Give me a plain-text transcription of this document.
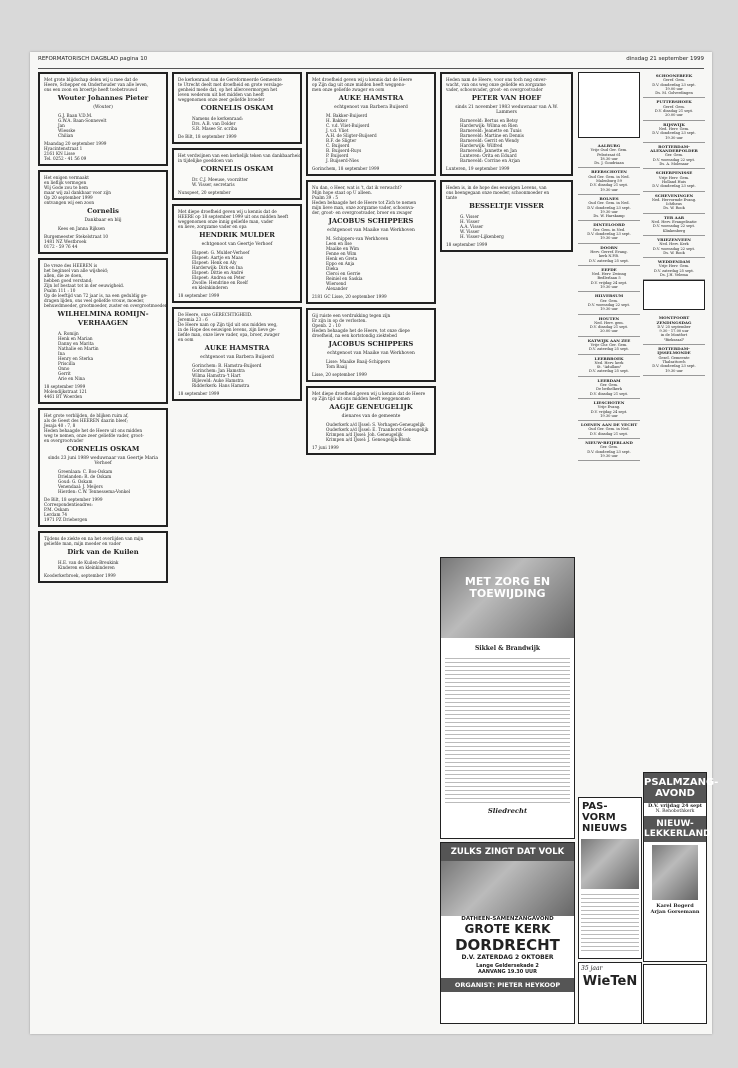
REFORMATORISCH DAGBLAD pagina 10	dinsdag 21 september 1999
Met grote blijdschap delen wij u mee dat de
Heere, Schepper en Onderhouder van alle leven,
ons een zoon en broertje heeft toebetrouwd
Wouter Johannes Pieter
(Wouter)
G.J. Baan V.D.M.
G.W.A. Baan-Sonnevelt
Jan
Wiesske
Chilian
Maandag 20 september 1999
Hyacintenstraat 1
2161 KN Lisse
Tel. 0252 - 41 56 09
Het enigen vermaakt
en lieflijk vermogen
Wij Gode zou te hem
maar wij zal dankbaar voor zijn
Op 20 september 1999
ontvangen wij een zoon
Cornelis
Dankbaar en blij
Kees en Janna Rijksen
Burgemeester Stekelstraat 10
1481 NZ Westbroek
0172 - 59 76 44
De vreze des HEEREN is
het beginsel van alle wijsheid;
allen, die ze doen,
hebben goed verstand;
Zijn lof bestaat tot in der eeuwigheid.
Psalm 111 : 10
Op de leeftijd van 72 jaar is, na een geduldig ge-
dragen lijden, ons veel geliefde vrouw, moeder,
behuwdmoeder, grootmoeder, zuster en overgrootmoeder
WILHELMINA ROMIJN-VERHAAGEN
A. Romijn
Henk en Marian
Danny en Marita
Nathalie en Martin
Ina
Henry en Sterka
Priscilla
Onno
Gerrit
Arie en Nina
18 september 1999
Molendijkstraat 121
4461 BT Woerden
Het grote verblijden, de blijken ruim af,
als de Geest des HEEREN daarin bleef;
Jesaja 40 : 7, 8
Heden behaagde het de Heere uit ons midden
weg te nemen, onze zeer geliefde vader, groot-
en overgrootvader
CORNELIS OSKAM
sinds 23 juni 1989 weduwnaar van Geertje Maria Verhoef
Greenlaan: C. Bos-Oskam
Drielanden: R. de Oskam
Goud: G. Oskam
Venendaal: J. Meijers
Hierden: C.W. Tennessema-Vonkel
De Bilt, 18 september 1999
Correspondentieadres:
P.M. Oskam
Lerdam 74
1971 PZ Driebergen
Tijdens de ziekte en na het overlijden van mijn
geliefde man, mijn moeder en vader
Dirk van de Kuilen
H.E. van de Kuilen-Breukink
Kinderen en kleinkinderen
Kooderkerbroek, september 1999
De kerkenraad van de Gereformeerde Gemeente
te Utrecht deelt met droefheid en grote verslage-
genheid mede dat, op het allerovermorgen het
leven wederom uit het midden van heeft
weggenomen onze zeer geliefde broeder
CORNELIS OSKAM
Namens de kerkenraad:
Drs. A.B. van Dolder
S.R. Masee Sr. scriba
De Bilt, 18 september 1999
Het verdwijnen van een kerkelijk teken van dankbaarheid
in tijdelijke goeddoen van
CORNELIS OSKAM
Dr. C.J. Meeuse, voorzitter
W. Visser, secretaris
Nunspeet, 20 september
Met diepe droefheid geven wij u kennis dat de
HEERE op 18 september 1999 uit ons midden heeft
weggenomen onze innig geliefde man, vader
en lieve, zorgzame vader en opa
HENDRIK MULDER
echtgenoot van Geertje Verhoef
Elspeet: G. Mulder-Verhoef
Elspeet: Aartje en Maas
Elspeet: Henk en Aly
Harderwijk: Dirk en Ina
Elspeet: Dittie en André
Elspeet: Andrea en Peter
Zwolle: Hendrine en Roelf
en kleinkinderen
18 september 1999
De Heere, onze GERECHTIGHEID.
Jeremia 23 : 6
De Heere nam op Zijn tijd uit ons midden weg,
in de Hope des eeuwigen levens, zijn lieve ge-
liefde man, onze lieve vader, opa, broer, zwager
en oom
AUKE HAMSTRA
echtgenoot van Barbera Buijserd
Gorinchem: B. Hamstra-Buijserd
Gorinchem: Jan Hamstra
Wilma Hamstra-'t Hart
Bijleveld: Auke Hamstra
Ridderkerk: Hans Hamstra
18 september 1999
Met droefheid geven wij u kennis dat de Heere
op Zijn dag uit onze midden heeft weggeno-
men onze geliefde zwager en oom
AUKE HAMSTRA
echtgenoot van Barbera Buijserd
M. Bakker-Buijserd
H. Bakker
C. v.d. Vliet-Buijserd
J. v.d. Vliet
A.H. de Sligter-Buijserd
B.F. de Sligter
C. Buijserd
B. Buijserd-Ruys
P. Buijserd
J. Buijserd-Nies
Gorinchem, 18 september 1999
Nu dan, o Heer, wat is 't, dat ik verwacht?
Mijn hope staat op U alleen.
Psalm 39 : 5
Heden behaagde het de Heere tot Zich te nemen
mijn lieve man, onze zorgzame vader, schoonva-
der, groot- en overgrootvader, broer en zwager
JACOBUS SCHIPPERS
echtgenoot van Maaike van Werkhoven
M. Schippers-van Werkhoven
Leen en Ilse
Maaike en Wim
Fenne en Wim
Henk en Greta
Eppo en Anja
Dieka
Cleroi en Gerrie
Reiniel en Saskia
Wiersend
Alexander
2181 GC Lisse, 20 september 1999
Gij ruiste een verdrukking tegen zijn
Er zijn in op de verlosten.
Openb. 2 : 10
Heden behaagde het de Heere, tot onze diepe
droefheid, na een kortstondig ziektebed
JACOBUS SCHIPPERS
echtgenoot van Maaike van Werkhoven
Lisse: Maaike Baaij-Schippers
Tom Baaij
Lisse, 20 september 1999
Met diepe droefheid geven wij u kennis dat de Heere
op Zijn tijd uit ons midden heeft weggenomen
AAGJE GENEUGELIJK
dienares van de gemeente
Ouderkerk a/d IJssel: S. Verhagen-Geneugelijk
Ouderkerk a/d IJssel: E. Traanborst-Geneugelijk
Krimpen a/d IJssel: Joh. Geneugelijk
Krimpen a/d IJssel: J. Geneugelijk-Blonk
17 juni 1999
Heden nam de Heere, voor ons toch nog onver-
wacht, van ons weg onze geliefde en zorgzame
vader, schoonvader, groot- en overgrootvader
PETER VAN HOEF
sinds 21 november 1983 weduwnaar van A.W. Lammers
Barneveld: Bertus en Betsy
Harderwijk: Wilma en Rien
Barneveld: Jeanette en Tunis
Barneveld: Martine en Dennis
Barneveld: Gerrit en Wendy
Harderwijk: Wilfred
Barneveld: Jannette en Jan
Lunteren: Orita en Eduard
Barneveld: Corrine en Arjan
Lunteren, 19 september 1999
Heden is, in de hope des eeuwigen Levens, van
ons heengegaan onze moeder, schoonmoeder en
tante
BESSELTJE VISSER
G. Visser
H. Visser
A.A. Visser
W. Visser
H. Visser-Lijkenberg
18 september 1999
Ver- gader- agenda
AALBURG
Vrije Oud Ger. Gem.
Pelsstraat 61
18.30 uur
Ds. J. Goudriaan
BEERSCHOTEN
Oud Ger. Gem. in Ned.
Malenburg 59
D.V. dinsdag 21 sept.
19.30 uur
BOLNES
Oud Ger. Gem. in Ned.
D.V. donderdag 23 sept.
19.30 uur
Ds. W. Harskamp
DINTELOORD
Ger. Gem. in Ned.
D.V. donderdag 23 sept.
19.30 uur
DOORN
Herv. Gerref. Evang.
kerk N.P.B.
D.V. zaterdag 25 sept.
EEFDE
Ned. Herv. Zwinng
Bedlerlaan 5
D.V. vrijdag 24 sept.
19.30 uur
HILVERSUM
Ger. Gem.
D.V. woensdag 22 sept.
19.30 uur
HOUTEN
Ned. Herv. gem.
D.V. dinsdag 21 sept.
20.00 uur
KATWIJK AAN ZEE
Vrije Chr. Ger. Gem.
D.V. zaterdag 25 sept.
LEERBROEK
Ned. Herv. kerk
St. "Adullam"
D.V. zaterdag 25 sept.
LEERDAM
Ger. Gem.
De bethelkerk
D.V. dinsdag 21 sept.
LIESCHOTEN
Vrije Evang.
D.V. vrijdag 24 sept.
19.30 uur
LOENEN AAN DE VECHT
Oud Ger. Gem. in Ned.
D.V. dinsdag 21 sept.
NIEUW-BEIJERLAND
Ger. Gem.
D.V. donderdag 23 sept.
19.30 uur
SCHOONEBEEK
Geref. Gem.
D.V. donderdag 23 sept.
19.00 uur
Ds. M. Golverdingen
PUTTERSHOEK
Geref. Gem.
D.V. dinsdag 21 sept.
20.00 uur
RIJSWIJK
Ned. Herv. Gem.
D.V. donderdag 23 sept.
19.30 uur
ROTTERDAM-ALEXANDERPOLDER
Ger. Gem.
D.V. woensdag 22 sept.
Ds. A. Molenaar
SCHERPENISSE
Vrije Herv. Gem.
Holland Huis
D.V. donderdag 23 sept.
SCHEVENINGEN
Ned. Hervormde Evang.
Ichtheus
Ds. W. Rook
TER AAR
Ned. Herv. Evangelisatie
D.V. woensdag 22 sept.
Klinkenberg
VRIEZENVEEN
Ned. Herv. Kerk
D.V. woensdag 22 sept.
Ds. W. Rook
WEDDENDAM
Vrije Herv. Gem.
D.V. zaterdag 25 sept.
Ds. J.H. Velema
Varia
MONTFOORT ZENDINGSDAG
D.V. 25 september
9.30 - 17.00 uur
in de Montfort
"Biekszaal"
ROTTERDAM-IJSSELMONDE
Gezel. Gemeente
Thalsattorch
D.V. donderdag 23 sept.
19.30 uur
MET ZORG EN TOEWIJDING
Sikkel & Brandwijk
Sliedrecht
ZULKS ZINGT DAT VOLK
DATHEEN-SAMENZANGAVOND
GROTE KERK
DORDRECHT
D.V. ZATERDAG 2 OKTOBER
Lange Geldersekade 2
AANVANG 19.30 UUR
ORGANIST: PIETER HEYKOOP
PAS-VORM NIEUWS
35 jaar
WieTeN
PSALMZANG- AVOND
D.V. vrijdag 24 sept
N. Rehobothkerk
NIEUW- LEKKERLAND
Karel Bogerd
Arjan Gorsemann
DE BESTE KEUZE VOOR EEN KLASSIEK ORGEL
